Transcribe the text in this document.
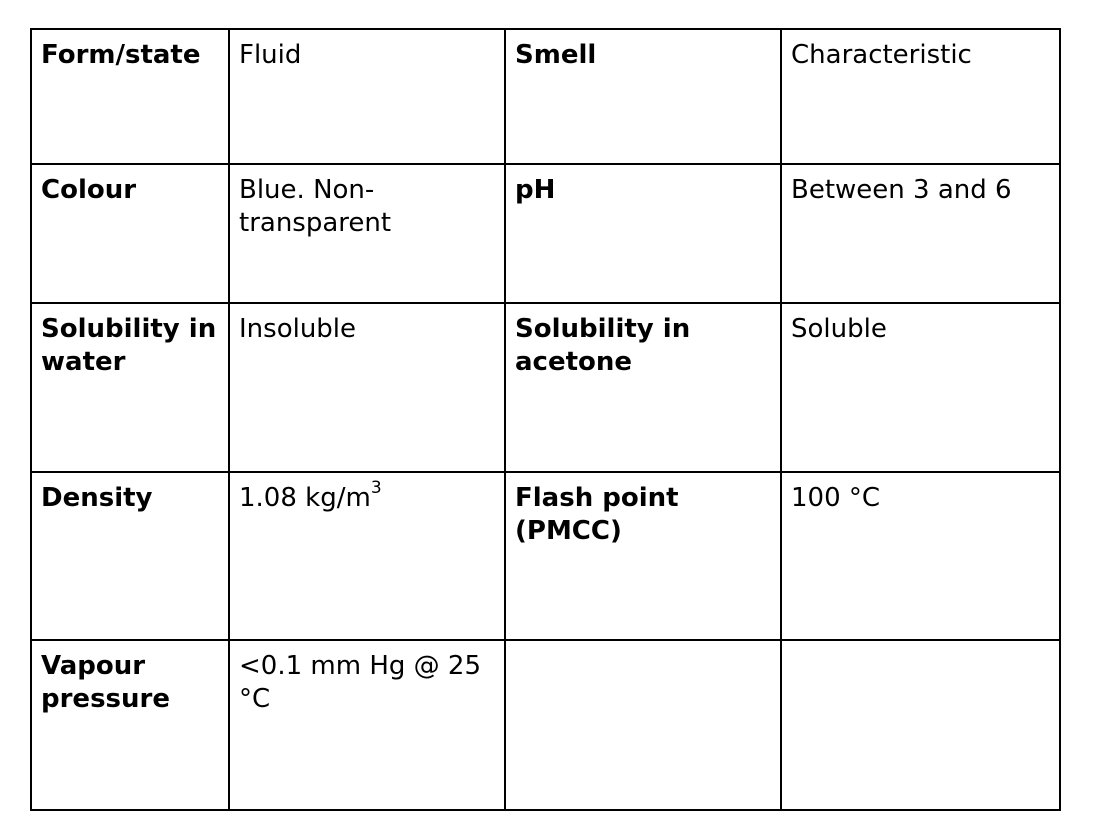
Form/state	Fluid	Smell	Characteristic
Colour	Blue. Non-transparent	pH	Between 3 and 6
Solubility in water	Insoluble	Solubility in acetone	Soluble
Density	1.08 $kg/m^3$	Flash point (PMCC)	100 °C
Vapour pressure	<0.1 mm Hg @ 25 °C		
